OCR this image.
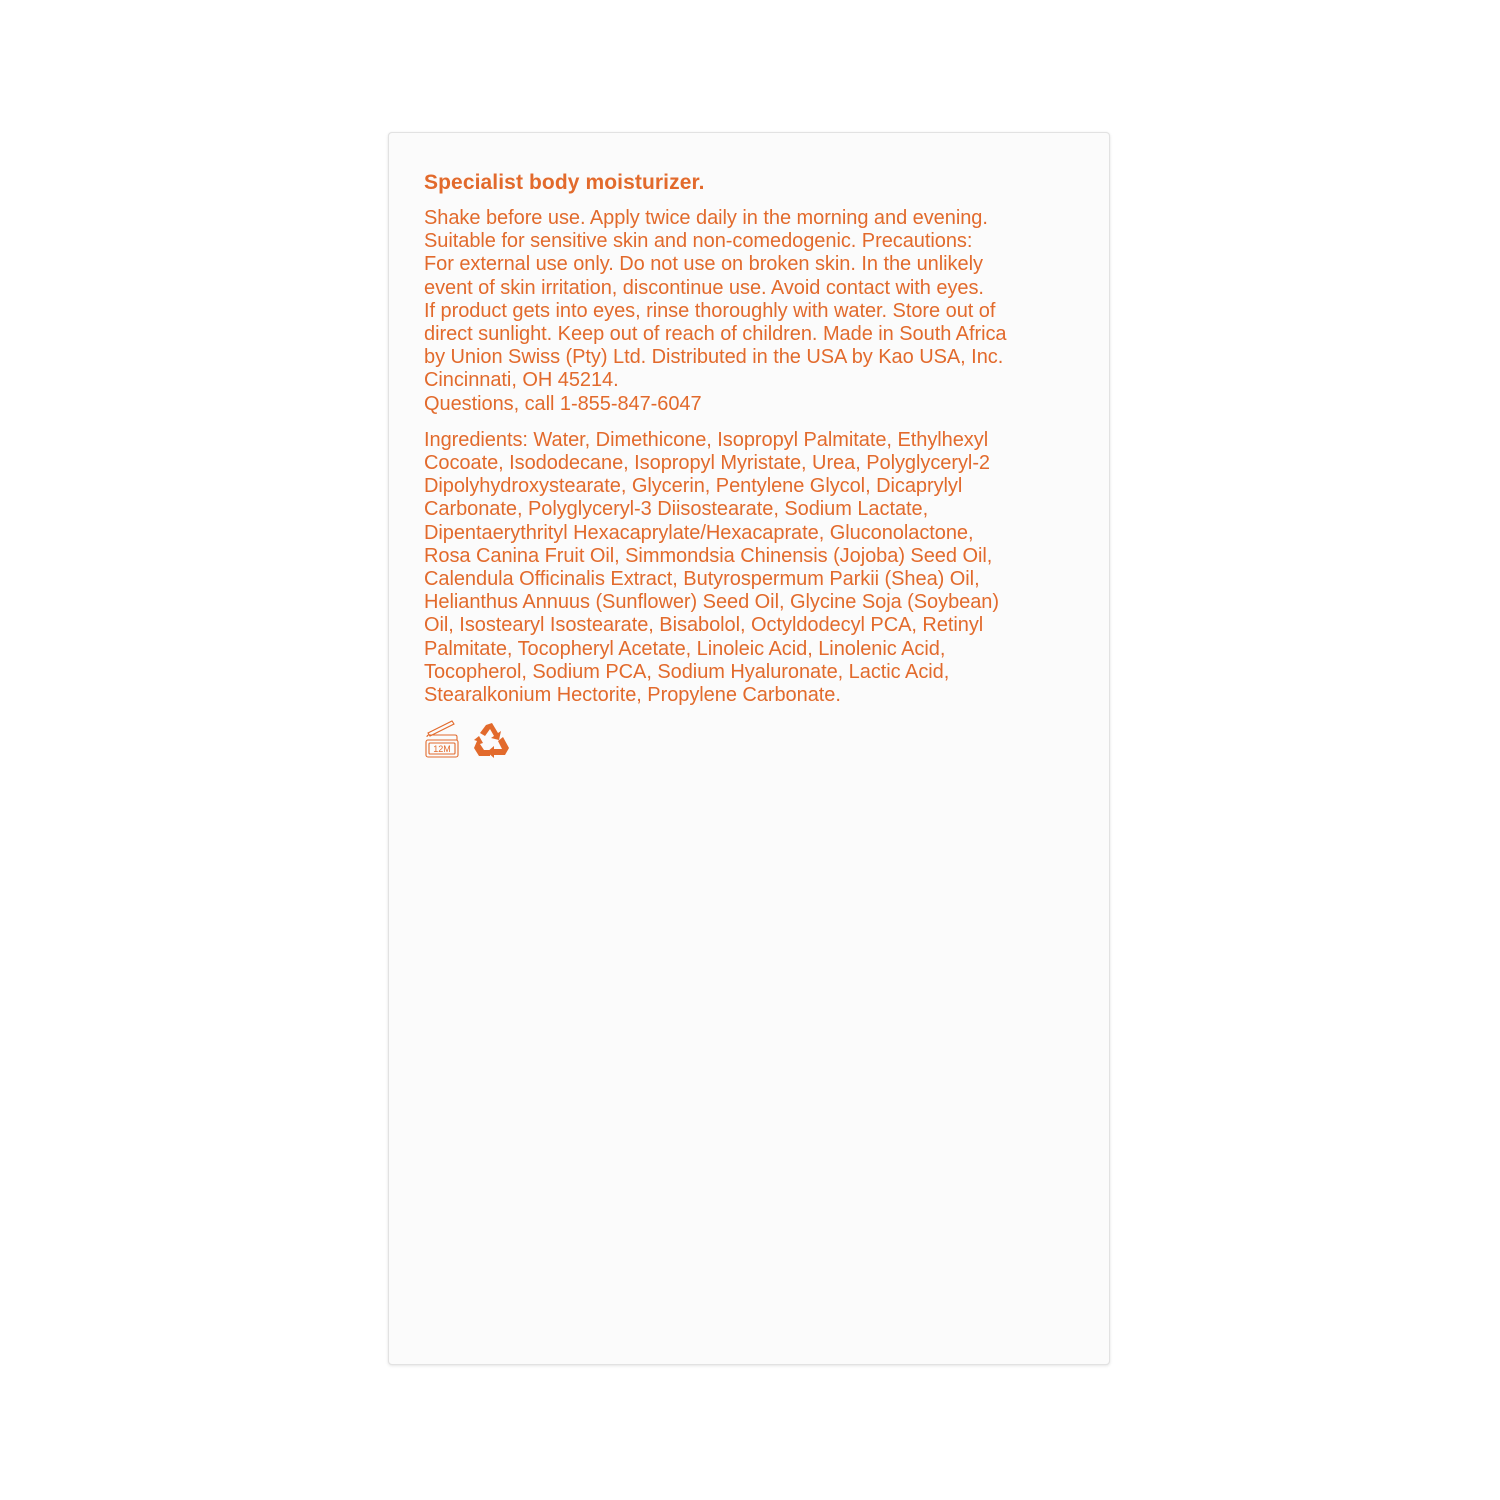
Specialist body moisturizer.

Shake before use. Apply twice daily in the morning and evening.
Suitable for sensitive skin and non-comedogenic. Precautions:
For external use only. Do not use on broken skin. In the unlikely
event of skin irritation, discontinue use. Avoid contact with eyes.
If product gets into eyes, rinse thoroughly with water. Store out of
direct sunlight. Keep out of reach of children. Made in South Africa
by Union Swiss (Pty) Ltd. Distributed in the USA by Kao USA, Inc.
Cincinnati, OH 45214.
Questions, call 1-855-847-6047

Ingredients: Water, Dimethicone, Isopropyl Palmitate, Ethylhexyl
Cocoate, Isododecane, Isopropyl Myristate, Urea, Polyglyceryl-2
Dipolyhydroxystearate, Glycerin, Pentylene Glycol, Dicaprylyl
Carbonate, Polyglyceryl-3 Diisostearate, Sodium Lactate,
Dipentaerythrityl Hexacaprylate/Hexacaprate, Gluconolactone,
Rosa Canina Fruit Oil, Simmondsia Chinensis (Jojoba) Seed Oil,
Calendula Officinalis Extract, Butyrospermum Parkii (Shea) Oil,
Helianthus Annuus (Sunflower) Seed Oil, Glycine Soja (Soybean)
Oil, Isostearyl Isostearate, Bisabolol, Octyldodecyl PCA, Retinyl
Palmitate, Tocopheryl Acetate, Linoleic Acid, Linolenic Acid,
Tocopherol, Sodium PCA, Sodium Hyaluronate, Lactic Acid,
Stearalkonium Hectorite, Propylene Carbonate.

12M
